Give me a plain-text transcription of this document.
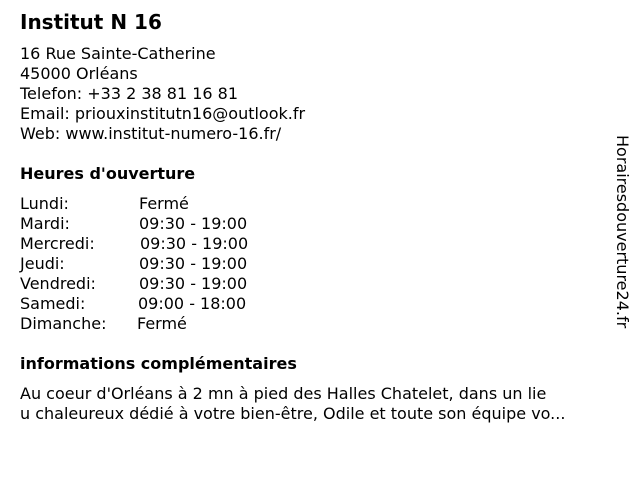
Institut N 16
16 Rue Sainte-Catherine
45000 Orléans
Telefon: +33 2 38 81 16 81
Email: priouxinstitutn16@outlook.fr
Web: www.institut-numero-16.fr/
Heures d'ouverture
Lundi:	Fermé
Mardi:	09:30 - 19:00
Mercredi:	09:30 - 19:00
Jeudi:	09:30 - 19:00
Vendredi:	09:30 - 19:00
Samedi:	09:00 - 18:00
Dimanche: Fermé
informations complémentaires
Au coeur d'Orléans à 2 mn à pied des Halles Chatelet, dans un lie
u chaleureux dédié à votre bien-être, Odile et toute son équipe vo...
Horairesdouverture24.fr
